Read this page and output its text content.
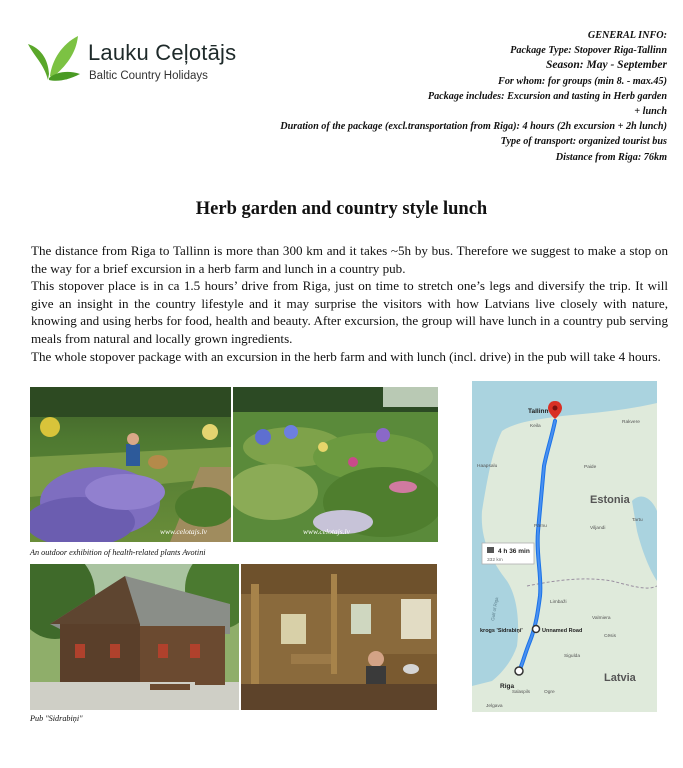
Lauku Ceļotājs
Baltic Country Holidays
GENERAL INFO:
Package Type: Stopover Riga-Tallinn
Season: May - September
For whom: for groups (min 8. - max.45)
Package includes: Excursion and tasting in Herb garden
+ lunch
Duration of the package (excl.transportation from Riga): 4 hours (2h excursion + 2h lunch)
Type of transport: organized tourist bus
Distance from Riga: 76km
Herb garden and country style lunch

The distance from Riga to Tallinn is more than 300 km and it takes ~5h by bus. Therefore we suggest to make a stop on the way for a brief excursion in a herb farm and lunch in a country pub.

This stopover place is in ca 1.5 hours’ drive from Riga, just on time to stretch one’s legs and diversify the trip. It will give an insight in the country lifestyle and it may surprise the visitors with how Latvians live closely with nature, knowing and using herbs for food, health and beauty. After excursion, the group will have lunch in a country pub serving meals from natural and locally grown ingredients.

The whole stopover package with an excursion in the herb farm and with lunch (incl. drive) in the pub will take 4 hours.

www.celotajs.lv	www.celotajs.lv
An outdoor exhibition of health-related plants Avotini
Pub "Sidrabiņi"
4 h 36 min
332 km
Tallinn
Estonia
Latvia
Riga
krogs 'Sidrabiņi'	Unnamed Road
Rakvere
Keila
Haapsalu	Paide
Pärnu	Viljandi
Tartu
Limbaži
Valmiera
Cēsis
Sigulda
Salaspils	Ogre
Jelgava
Gulf of Riga
